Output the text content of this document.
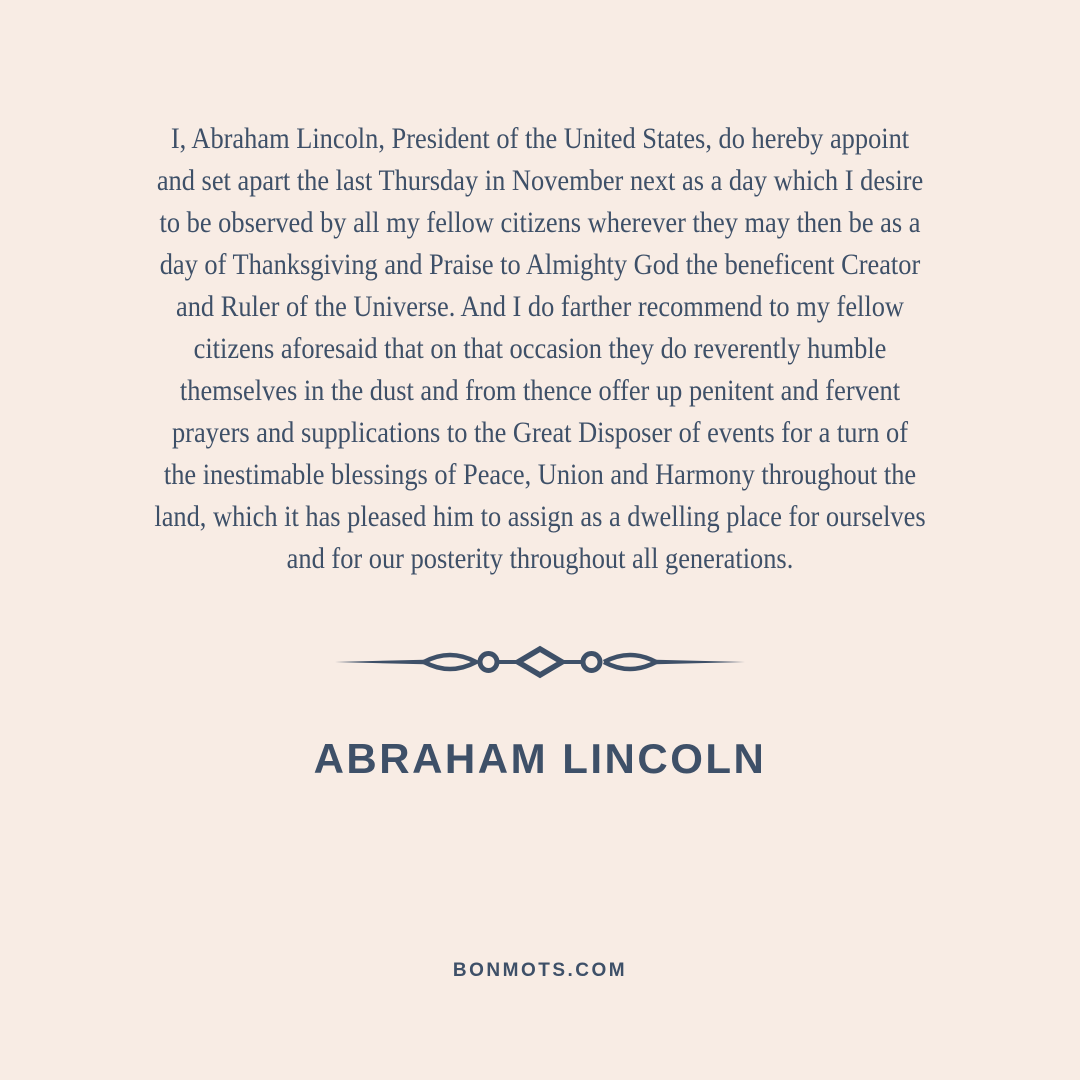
I, Abraham Lincoln, President of the United States, do hereby appoint
and set apart the last Thursday in November next as a day which I desire
to be observed by all my fellow citizens wherever they may then be as a
day of Thanksgiving and Praise to Almighty God the beneficent Creator
and Ruler of the Universe. And I do farther recommend to my fellow
citizens aforesaid that on that occasion they do reverently humble
themselves in the dust and from thence offer up penitent and fervent
prayers and supplications to the Great Disposer of events for a turn of
the inestimable blessings of Peace, Union and Harmony throughout the
land, which it has pleased him to assign as a dwelling place for ourselves
and for our posterity throughout all generations.
ABRAHAM LINCOLN
BONMOTS.COM
